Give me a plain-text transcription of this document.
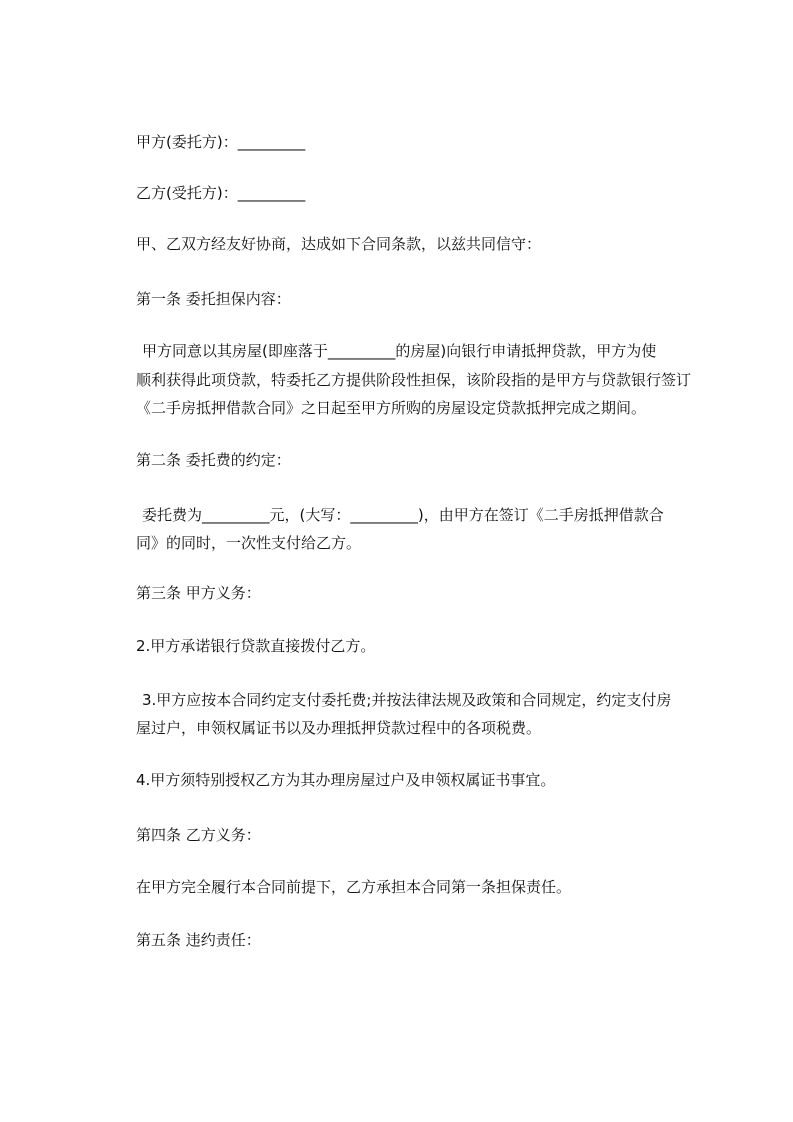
甲方(委托方)：_________
乙方(受托方)：_________
甲、乙双方经友好协商，达成如下合同条款，以兹共同信守：
第一条 委托担保内容：
甲方同意以其房屋(即座落于_________的房屋)向银行申请抵押贷款，甲方为使
顺利获得此项贷款，特委托乙方提供阶段性担保，该阶段指的是甲方与贷款银行签订
《二手房抵押借款合同》之日起至甲方所购的房屋设定贷款抵押完成之期间。
第二条 委托费的约定：
委托费为_________元，(大写：_________)，由甲方在签订《二手房抵押借款合
同》的同时，一次性支付给乙方。
第三条 甲方义务：
2.甲方承诺银行贷款直接拨付乙方。
3.甲方应按本合同约定支付委托费;并按法律法规及政策和合同规定，约定支付房
屋过户，申领权属证书以及办理抵押贷款过程中的各项税费。
4.甲方须特别授权乙方为其办理房屋过户及申领权属证书事宜。
第四条 乙方义务：
在甲方完全履行本合同前提下，乙方承担本合同第一条担保责任。
第五条 违约责任：
